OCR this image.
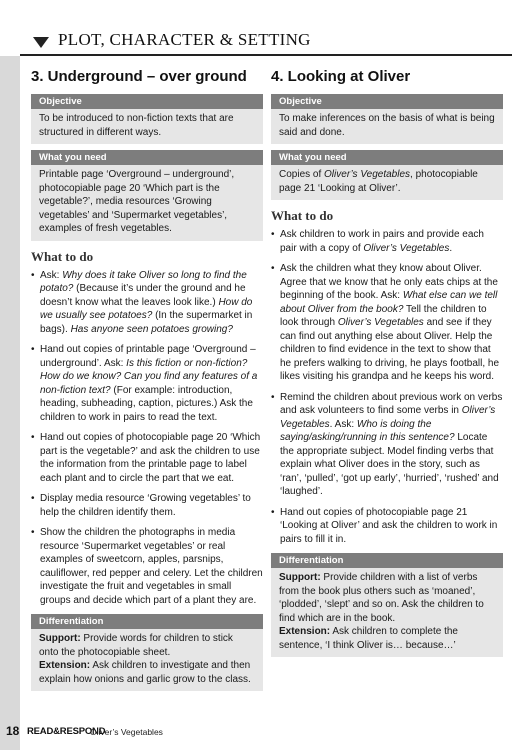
PLOT, CHARACTER & SETTING
3. Underground – over ground
Objective
To be introduced to non-fiction texts that are structured in different ways.
What you need
Printable page ‘Overground – underground’, photocopiable page 20 ‘Which part is the vegetable?’, media resources ‘Growing vegetables’ and ‘Supermarket vegetables’, examples of fresh vegetables.
What to do
• Ask: Why does it take Oliver so long to find the potato? (Because it’s under the ground and he doesn’t know what the leaves look like.) How do we usually see potatoes? (In the supermarket in bags). Has anyone seen potatoes growing?
• Hand out copies of printable page ‘Overground – underground’. Ask: Is this fiction or non-fiction? How do we know? Can you find any features of a non-fiction text? (For example: introduction, heading, subheading, caption, pictures.) Ask the children to work in pairs to read the text.
• Hand out copies of photocopiable page 20 ‘Which part is the vegetable?’ and ask the children to use the information from the printable page to label each plant and to circle the part that we eat.
• Display media resource ‘Growing vegetables’ to help the children identify them.
• Show the children the photographs in media resource ‘Supermarket vegetables’ or real examples of sweetcorn, apples, parsnips, cauliflower, red pepper and celery. Let the children investigate the fruit and vegetables in small groups and decide which part of a plant they are.
Differentiation
Support: Provide words for children to stick onto the photocopiable sheet.
Extension: Ask children to investigate and then explain how onions and garlic grow to the class.
4. Looking at Oliver
Objective
To make inferences on the basis of what is being said and done.
What you need
Copies of Oliver’s Vegetables, photocopiable page 21 ‘Looking at Oliver’.
What to do
• Ask children to work in pairs and provide each pair with a copy of Oliver’s Vegetables.
• Ask the children what they know about Oliver. Agree that we know that he only eats chips at the beginning of the book. Ask: What else can we tell about Oliver from the book? Tell the children to look through Oliver’s Vegetables and see if they can find out anything else about Oliver. Help the children to find evidence in the text to show that he prefers walking to driving, he plays football, he likes visiting his grandpa and he keeps his word.
• Remind the children about previous work on verbs and ask volunteers to find some verbs in Oliver’s Vegetables. Ask: Who is doing the saying/asking/running in this sentence? Locate the appropriate subject. Model finding verbs that explain what Oliver does in the story, such as ‘ran’, ‘pulled’, ‘got up early’, ‘hurried’, ‘rushed’ and ‘laughed’.
• Hand out copies of photocopiable page 21 ‘Looking at Oliver’ and ask the children to work in pairs to fill it in.
Differentiation
Support: Provide children with a list of verbs from the book plus others such as ‘moaned’, ‘plodded’, ‘slept’ and so on. Ask the children to find which are in the book.
Extension: Ask children to complete the sentence, ‘I think Oliver is… because…’
18 READ&RESPOND
Oliver’s Vegetables
